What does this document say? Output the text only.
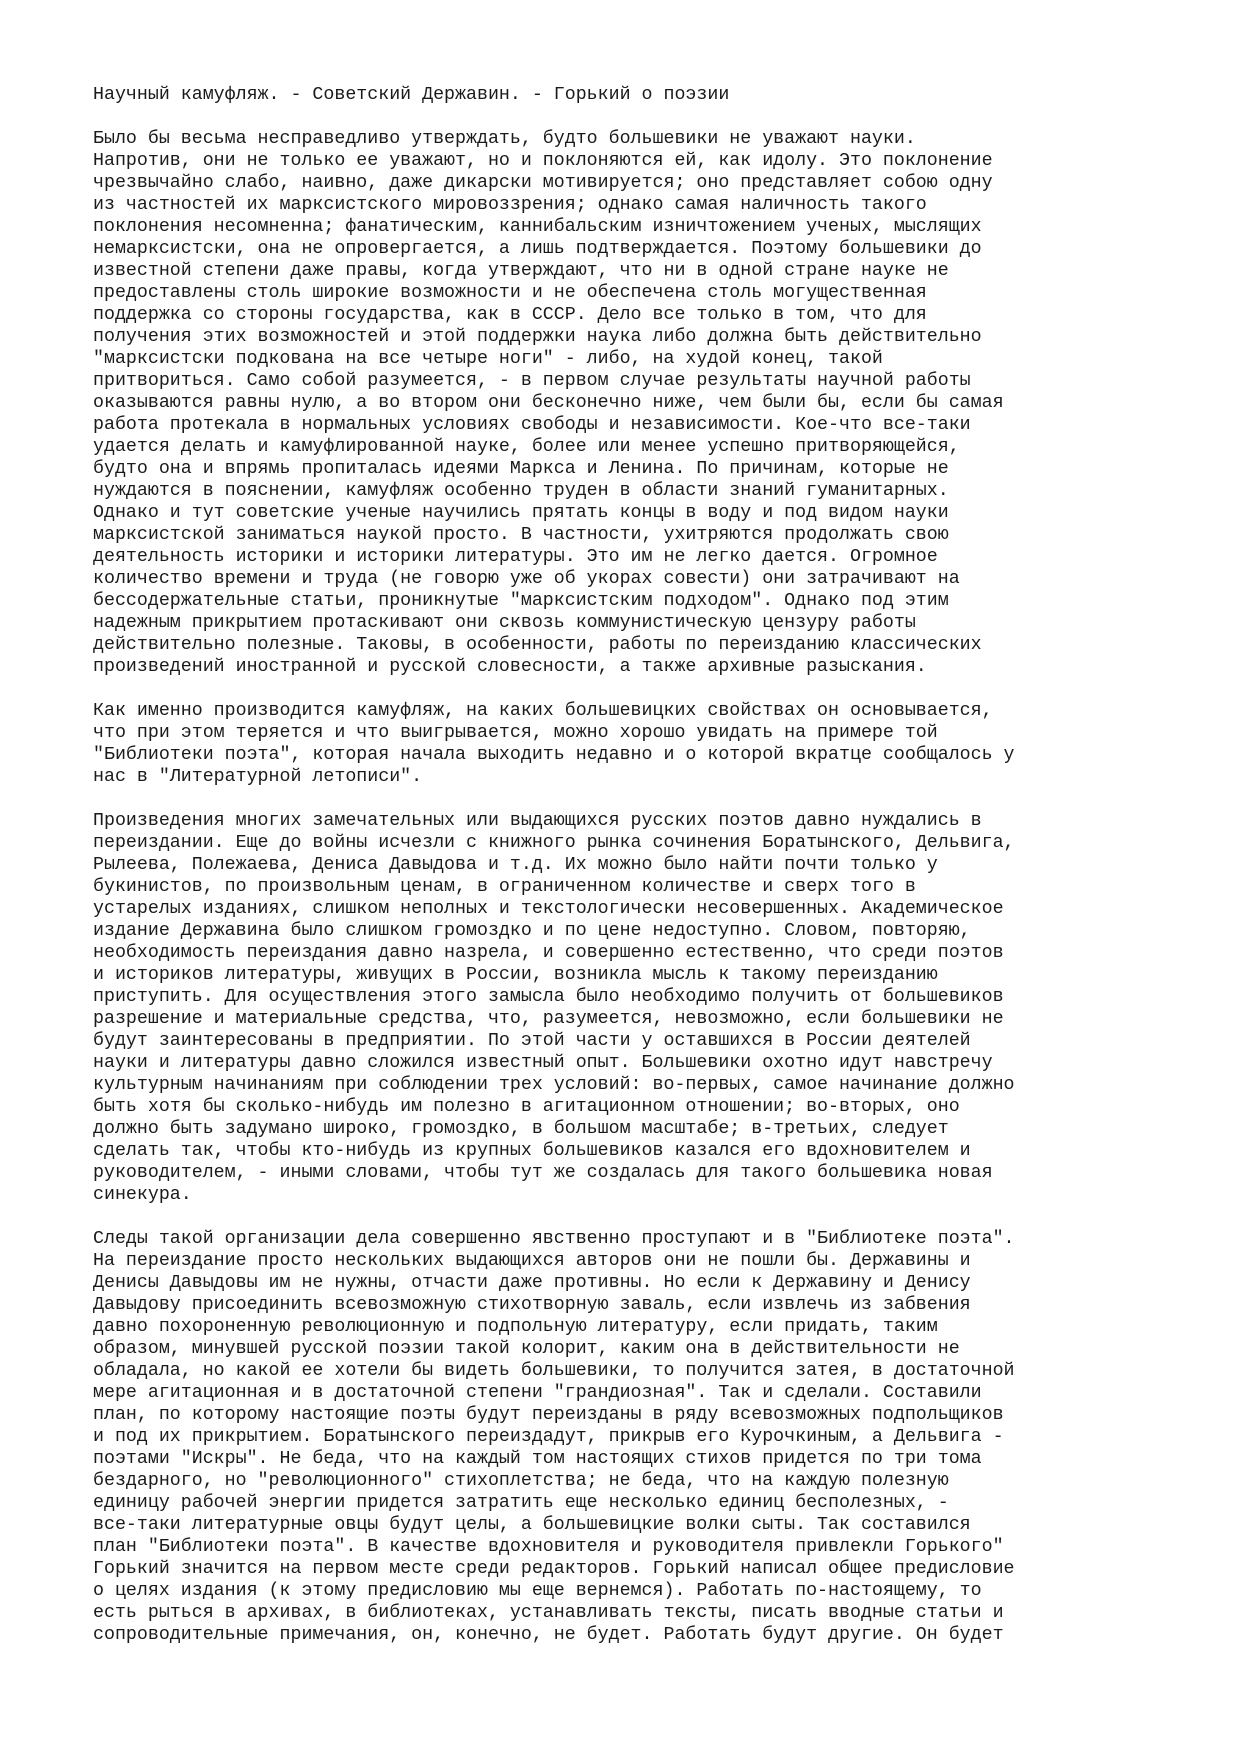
Научный камуфляж. - Советский Державин. - Горький о поэзии
Было бы весьма несправедливо утверждать, будто большевики не уважают науки.
Напротив, они не только ее уважают, но и поклоняются ей, как идолу. Это поклонение
чрезвычайно слабо, наивно, даже дикарски мотивируется; оно представляет собою одну
из частностей их марксистского мировоззрения; однако самая наличность такого
поклонения несомненна; фанатическим, каннибальским изничтожением ученых, мыслящих
немарксистски, она не опровергается, а лишь подтверждается. Поэтому большевики до
известной степени даже правы, когда утверждают, что ни в одной стране науке не
предоставлены столь широкие возможности и не обеспечена столь могущественная
поддержка со стороны государства, как в СССР. Дело все только в том, что для
получения этих возможностей и этой поддержки наука либо должна быть действительно
"марксистски подкована на все четыре ноги" - либо, на худой конец, такой
притвориться. Само собой разумеется, - в первом случае результаты научной работы
оказываются равны нулю, а во втором они бесконечно ниже, чем были бы, если бы самая
работа протекала в нормальных условиях свободы и независимости. Кое-что все-таки
удается делать и камуфлированной науке, более или менее успешно притворяющейся,
будто она и впрямь пропиталась идеями Маркса и Ленина. По причинам, которые не
нуждаются в пояснении, камуфляж особенно труден в области знаний гуманитарных.
Однако и тут советские ученые научились прятать концы в воду и под видом науки
марксистской заниматься наукой просто. В частности, ухитряются продолжать свою
деятельность историки и историки литературы. Это им не легко дается. Огромное
количество времени и труда (не говорю уже об укорах совести) они затрачивают на
бессодержательные статьи, проникнутые "марксистским подходом". Однако под этим
надежным прикрытием протаскивают они сквозь коммунистическую цензуру работы
действительно полезные. Таковы, в особенности, работы по переизданию классических
произведений иностранной и русской словесности, а также архивные разыскания.
Как именно производится камуфляж, на каких большевицких свойствах он основывается,
что при этом теряется и что выигрывается, можно хорошо увидать на примере той
"Библиотеки поэта", которая начала выходить недавно и о которой вкратце сообщалось у
нас в "Литературной летописи".
Произведения многих замечательных или выдающихся русских поэтов давно нуждались в
переиздании. Еще до войны исчезли с книжного рынка сочинения Боратынского, Дельвига,
Рылеева, Полежаева, Дениса Давыдова и т.д. Их можно было найти почти только у
букинистов, по произвольным ценам, в ограниченном количестве и сверх того в
устарелых изданиях, слишком неполных и текстологически несовершенных. Академическое
издание Державина было слишком громоздко и по цене недоступно. Словом, повторяю,
необходимость переиздания давно назрела, и совершенно естественно, что среди поэтов
и историков литературы, живущих в России, возникла мысль к такому переизданию
приступить. Для осуществления этого замысла было необходимо получить от большевиков
разрешение и материальные средства, что, разумеется, невозможно, если большевики не
будут заинтересованы в предприятии. По этой части у оставшихся в России деятелей
науки и литературы давно сложился известный опыт. Большевики охотно идут навстречу
культурным начинаниям при соблюдении трех условий: во-первых, самое начинание должно
быть хотя бы сколько-нибудь им полезно в агитационном отношении; во-вторых, оно
должно быть задумано широко, громоздко, в большом масштабе; в-третьих, следует
сделать так, чтобы кто-нибудь из крупных большевиков казался его вдохновителем и
руководителем, - иными словами, чтобы тут же создалась для такого большевика новая
синекура.
Следы такой организации дела совершенно явственно проступают и в "Библиотеке поэта".
На переиздание просто нескольких выдающихся авторов они не пошли бы. Державины и
Денисы Давыдовы им не нужны, отчасти даже противны. Но если к Державину и Денису
Давыдову присоединить всевозможную стихотворную заваль, если извлечь из забвения
давно похороненную революционную и подпольную литературу, если придать, таким
образом, минувшей русской поэзии такой колорит, каким она в действительности не
обладала, но какой ее хотели бы видеть большевики, то получится затея, в достаточной
мере агитационная и в достаточной степени "грандиозная". Так и сделали. Составили
план, по которому настоящие поэты будут переизданы в ряду всевозможных подпольщиков
и под их прикрытием. Боратынского переиздадут, прикрыв его Курочкиным, а Дельвига -
поэтами "Искры". Не беда, что на каждый том настоящих стихов придется по три тома
бездарного, но "революционного" стихоплетства; не беда, что на каждую полезную
единицу рабочей энергии придется затратить еще несколько единиц бесполезных, -
все-таки литературные овцы будут целы, а большевицкие волки сыты. Так составился
план "Библиотеки поэта". В качестве вдохновителя и руководителя привлекли Горького"
Горький значится на первом месте среди редакторов. Горький написал общее предисловие
о целях издания (к этому предисловию мы еще вернемся). Работать по-настоящему, то
есть рыться в архивах, в библиотеках, устанавливать тексты, писать вводные статьи и
сопроводительные примечания, он, конечно, не будет. Работать будут другие. Он будет
